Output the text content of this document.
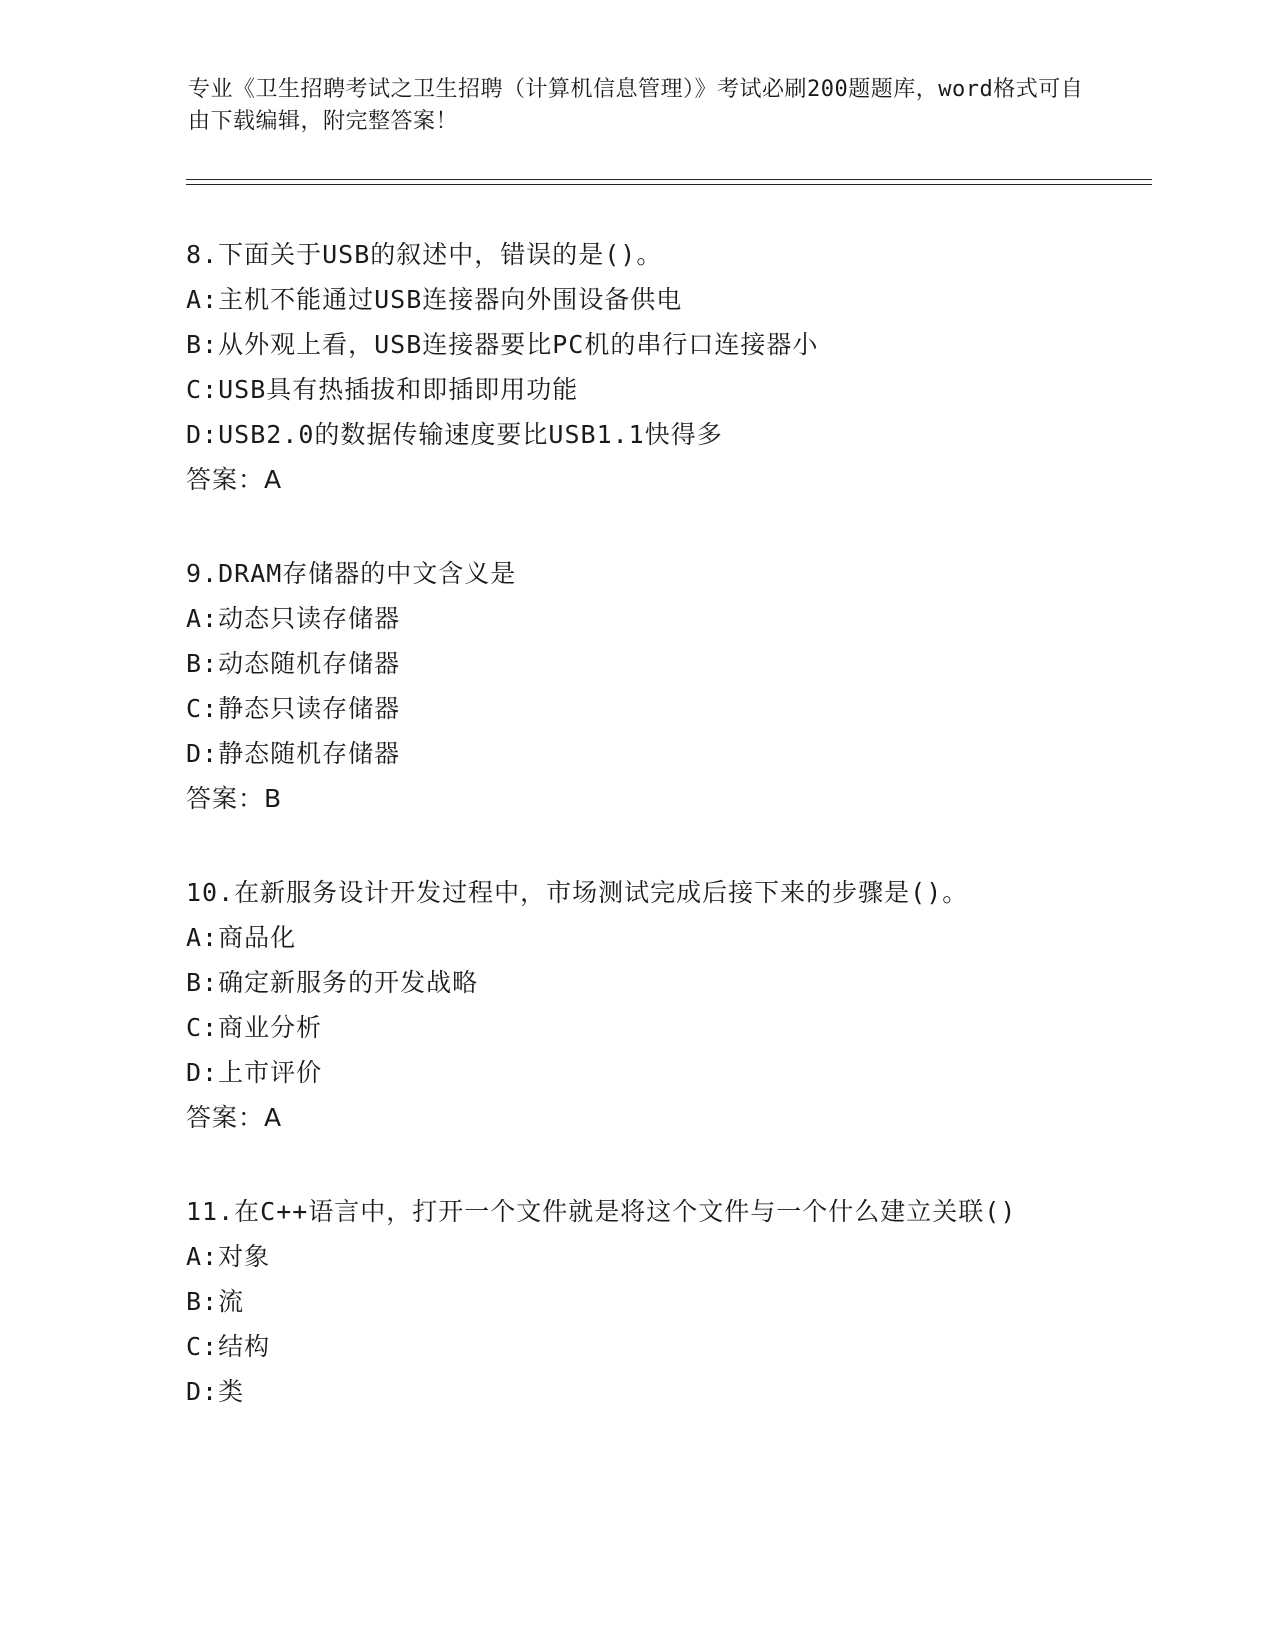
专业《卫生招聘考试之卫生招聘（计算机信息管理）》考试必刷200题题库，word格式可自由下载编辑，附完整答案！
8.下面关于USB的叙述中，错误的是()。
A:主机不能通过USB连接器向外围设备供电
B:从外观上看，USB连接器要比PC机的串行口连接器小
C:USB具有热插拔和即插即用功能
D:USB2.0的数据传输速度要比USB1.1快得多
答案：A
9.DRAM存储器的中文含义是
A:动态只读存储器
B:动态随机存储器
C:静态只读存储器
D:静态随机存储器
答案：B
10.在新服务设计开发过程中，市场测试完成后接下来的步骤是()。
A:商品化
B:确定新服务的开发战略
C:商业分析
D:上市评价
答案：A
11.在C++语言中，打开一个文件就是将这个文件与一个什么建立关联()
A:对象
B:流
C:结构
D:类
